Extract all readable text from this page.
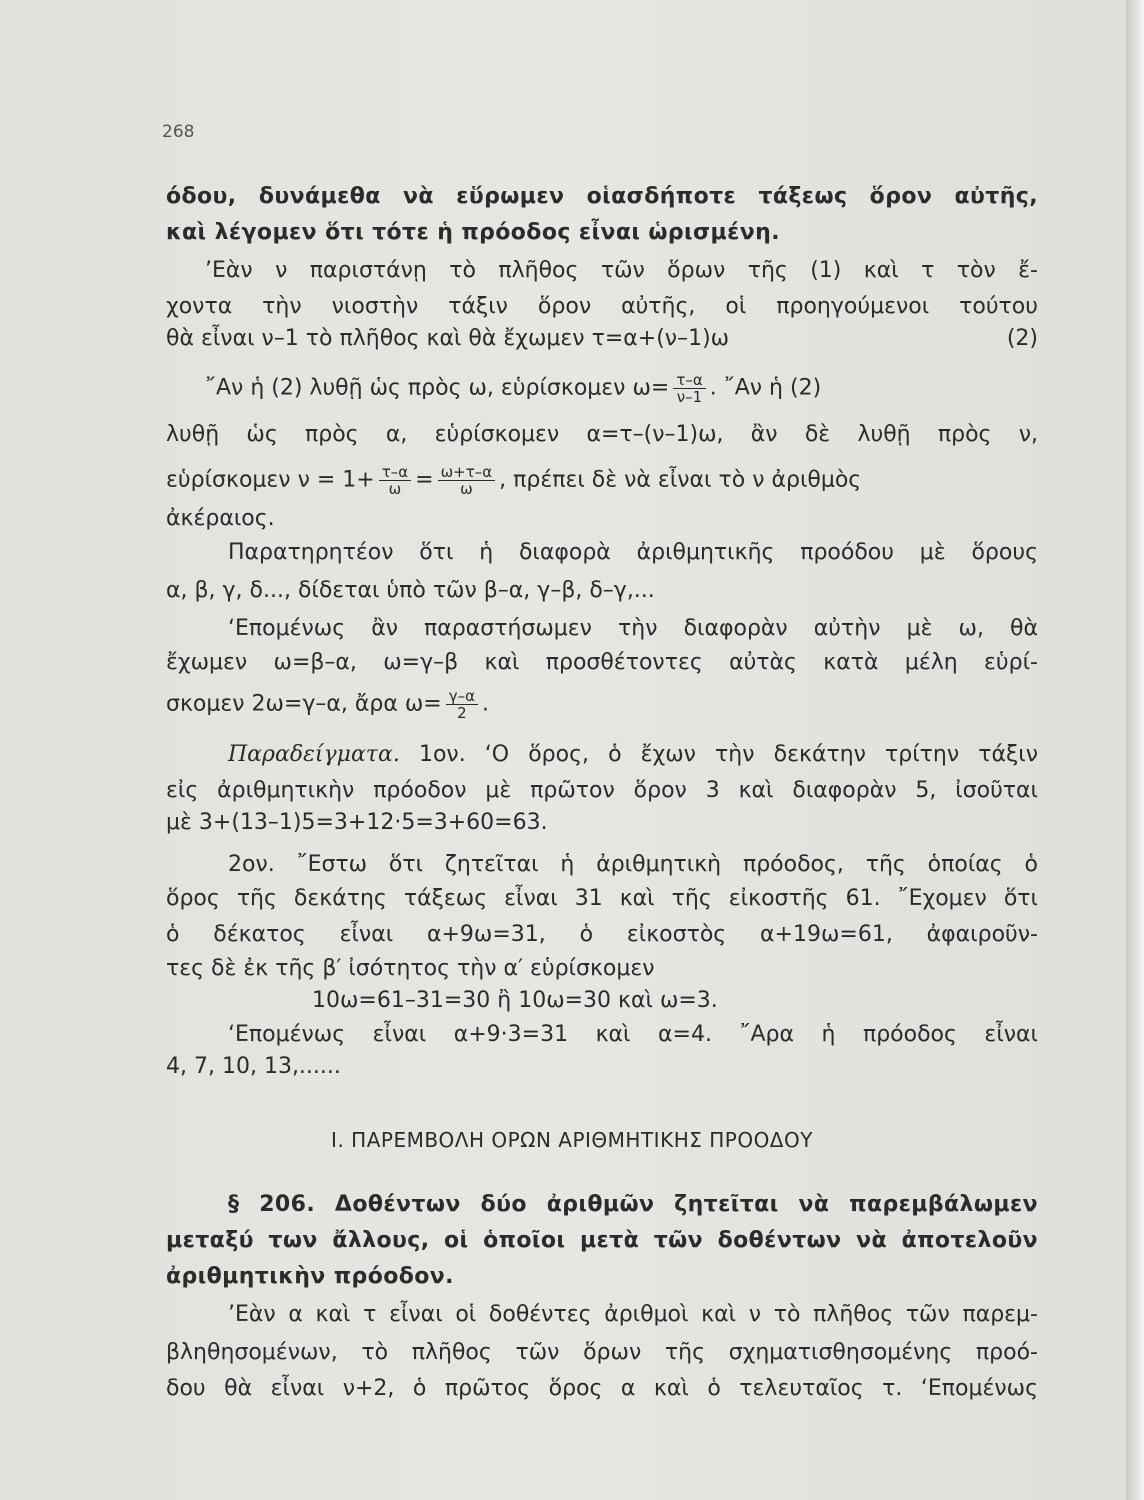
268
όδου, δυνάμεθα νὰ εὕρωμεν οἱασδήποτε τάξεως ὅρον αὐτῆς,
καὶ λέγομεν ὅτι τότε ἡ πρόοδος εἶναι ὡρισμένη.
’Εὰν ν παριστάνῃ τὸ πλῆθος τῶν ὅρων τῆς (1) καὶ τ τὸν ἔ-
χοντα τὴν νιοστὴν τάξιν ὅρον αὐτῆς, οἱ προηγούμενοι τούτου
θὰ εἶναι ν–1 τὸ πλῆθος καὶ θὰ ἔχωμεν τ=α+(ν–1)ω	(2)
῎Αν ἡ (2) λυθῇ ὡς πρὸς ω, εὑρίσκομεν $\omega= \frac{\tau-\alpha}{\nu-1}$ . ῎Αν ἡ (2)
λυθῇ ὡς πρὸς α, εὑρίσκομεν α=τ–(ν–1)ω, ἂν δὲ λυθῇ πρὸς ν,
εὑρίσκομεν $\nu = 1+ \frac{\tau-\alpha}{\omega} = \frac{\omega+\tau-\alpha}{\omega}$ , πρέπει δὲ νὰ εἶναι τὸ ν ἀριθμὸς
ἀκέραιος.
Παρατηρητέον ὅτι ἡ διαφορὰ ἀριθμητικῆς προόδου μὲ ὅρους
α, β, γ, δ..., δίδεται ὑπὸ τῶν β–α, γ–β, δ–γ,...
‘Επομένως ἂν παραστήσωμεν τὴν διαφορὰν αὐτὴν μὲ ω, θὰ
ἔχωμεν ω=β–α, ω=γ–β καὶ προσθέτοντες αὐτὰς κατὰ μέλη εὑρί-
σκομεν 2ω=γ–α, ἄρα $\omega= \frac{\gamma-\alpha}{2}$ .
Παραδείγματα. 1ον. ‘Ο ὅρος, ὁ ἔχων τὴν δεκάτην τρίτην τάξιν
εἰς ἀριθμητικὴν πρόοδον μὲ πρῶτον ὅρον 3 καὶ διαφορὰν 5, ἰσοῦται
μὲ 3+(13–1)5=3+12·5=3+60=63.
2ον. ῎Εστω ὅτι ζητεῖται ἡ ἀριθμητικὴ πρόοδος, τῆς ὁποίας ὁ
ὅρος τῆς δεκάτης τάξεως εἶναι 31 καὶ τῆς εἰκοστῆς 61. ῎Εχομεν ὅτι
ὁ δέκατος εἶναι α+9ω=31, ὁ εἰκοστὸς α+19ω=61, ἀφαιροῦν-
τες δὲ ἐκ τῆς β′ ἰσότητος τὴν α′ εὑρίσκομεν
10ω=61–31=30 ἢ 10ω=30 καὶ ω=3.
‘Επομένως εἶναι α+9·3=31 καὶ α=4. ῎Αρα ἡ πρόοδος εἶναι
4, 7, 10, 13,......
Ι. ΠΑΡΕΜΒΟΛΗ ΟΡΩΝ ΑΡΙΘΜΗΤΙΚΗΣ ΠΡΟΟΔΟΥ
§ 206. Δοθέντων δύο ἀριθμῶν ζητεῖται νὰ παρεμβάλωμεν
μεταξύ των ἄλλους, οἱ ὁποῖοι μετὰ τῶν δοθέντων νὰ ἀποτελοῦν
ἀριθμητικὴν πρόοδον.
’Εὰν α καὶ τ εἶναι οἱ δοθέντες ἀριθμοὶ καὶ ν τὸ πλῆθος τῶν παρεμ-
βληθησομένων, τὸ πλῆθος τῶν ὅρων τῆς σχηματισθησομένης προό-
δου θὰ εἶναι ν+2, ὁ πρῶτος ὅρος α καὶ ὁ τελευταῖος τ. ‘Επομένως
